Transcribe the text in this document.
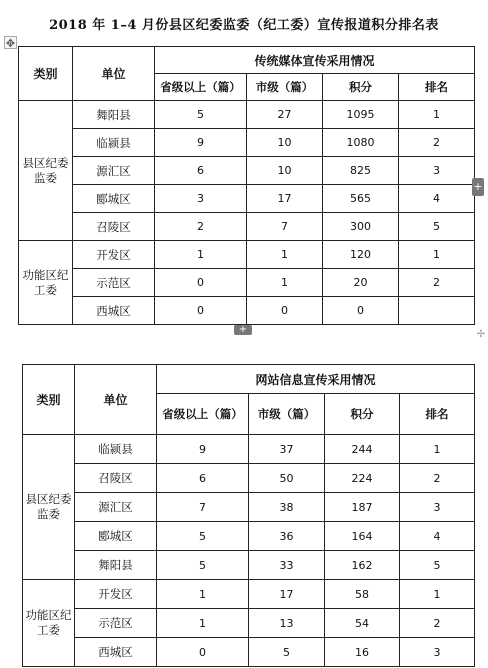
2018 年 1–4 月份县区纪委监委（纪工委）宣传报道积分排名表
✥
类别	单位	传统媒体宣传采用情况			
		省级以上（篇）	市级（篇）	积分	排名
县区纪委监委	舞阳县	5	27	1095	1
	临颍县	9	10	1080	2
	源汇区	6	10	825	3
	郾城区	3	17	565	4
	召陵区	2	7	300	5
功能区纪工委	开发区	1	1	120	1
	示范区	0	1	20	2
	西城区	0	0	0	
+
+	✢
类别	单位	网站信息宣传采用情况			
		省级以上（篇）	市级（篇）	积分	排名
县区纪委监委	临颍县	9	37	244	1
	召陵区	6	50	224	2
	源汇区	7	38	187	3
	郾城区	5	36	164	4
	舞阳县	5	33	162	5
功能区纪工委	开发区	1	17	58	1
	示范区	1	13	54	2
	西城区	0	5	16	3
